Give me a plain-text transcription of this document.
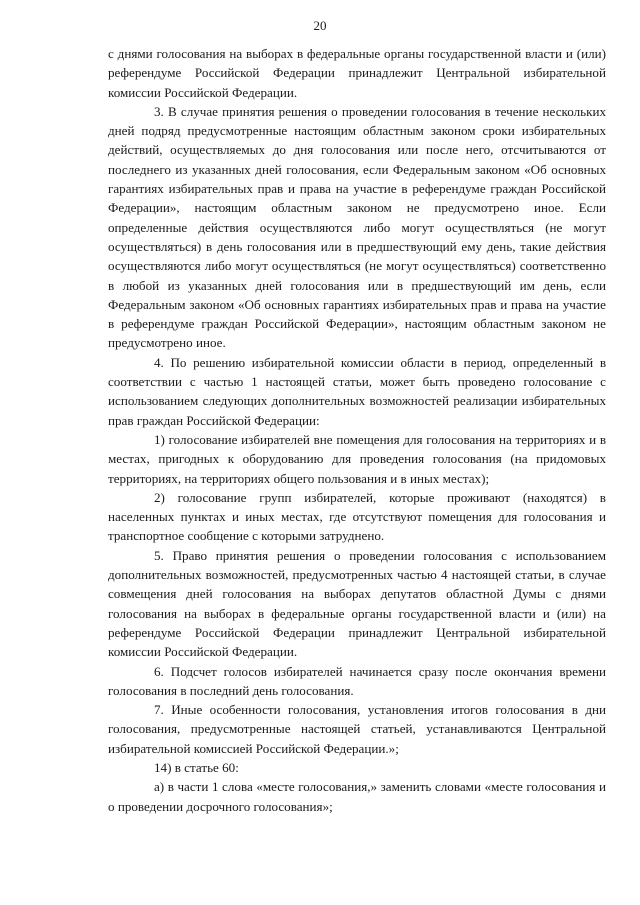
20

с днями голосования на выборах в федеральные органы государственной власти и (или) референдуме Российской Федерации принадлежит Центральной избирательной комиссии Российской Федерации.

3. В случае принятия решения о проведении голосования в течение нескольких дней подряд предусмотренные настоящим областным законом сроки избирательных действий, осуществляемых до дня голосования или после него, отсчитываются от последнего из указанных дней голосования, если Федеральным законом «Об основных гарантиях избирательных прав и права на участие в референдуме граждан Российской Федерации», настоящим областным законом не предусмотрено иное. Если определенные действия осуществляются либо могут осуществляться (не могут осуществляться) в день голосования или в предшествующий ему день, такие действия осуществляются либо могут осуществляться (не могут осуществляться) соответственно в любой из указанных дней голосования или в предшествующий им день, если Федеральным законом «Об основных гарантиях избирательных прав и права на участие в референдуме граждан Российской Федерации», настоящим областным законом не предусмотрено иное.

4. По решению избирательной комиссии области в период, определенный в соответствии с частью 1 настоящей статьи, может быть проведено голосование с использованием следующих дополнительных возможностей реализации избирательных прав граждан Российской Федерации:

1) голосование избирателей вне помещения для голосования на территориях и в местах, пригодных к оборудованию для проведения голосования (на придомовых территориях, на территориях общего пользования и в иных местах);

2) голосование групп избирателей, которые проживают (находятся) в населенных пунктах и иных местах, где отсутствуют помещения для голосования и транспортное сообщение с которыми затруднено.

5. Право принятия решения о проведении голосования с использованием дополнительных возможностей, предусмотренных частью 4 настоящей статьи, в случае совмещения дней голосования на выборах депутатов областной Думы с днями голосования на выборах в федеральные органы государственной власти и (или) на референдуме Российской Федерации принадлежит Центральной избирательной комиссии Российской Федерации.

6. Подсчет голосов избирателей начинается сразу после окончания времени голосования в последний день голосования.

7. Иные особенности голосования, установления итогов голосования в дни голосования, предусмотренные настоящей статьей, устанавливаются Центральной избирательной комиссией Российской Федерации.»;

14) в статье 60:

а) в части 1 слова «месте голосования,» заменить словами «месте голосования и о проведении досрочного голосования»;
